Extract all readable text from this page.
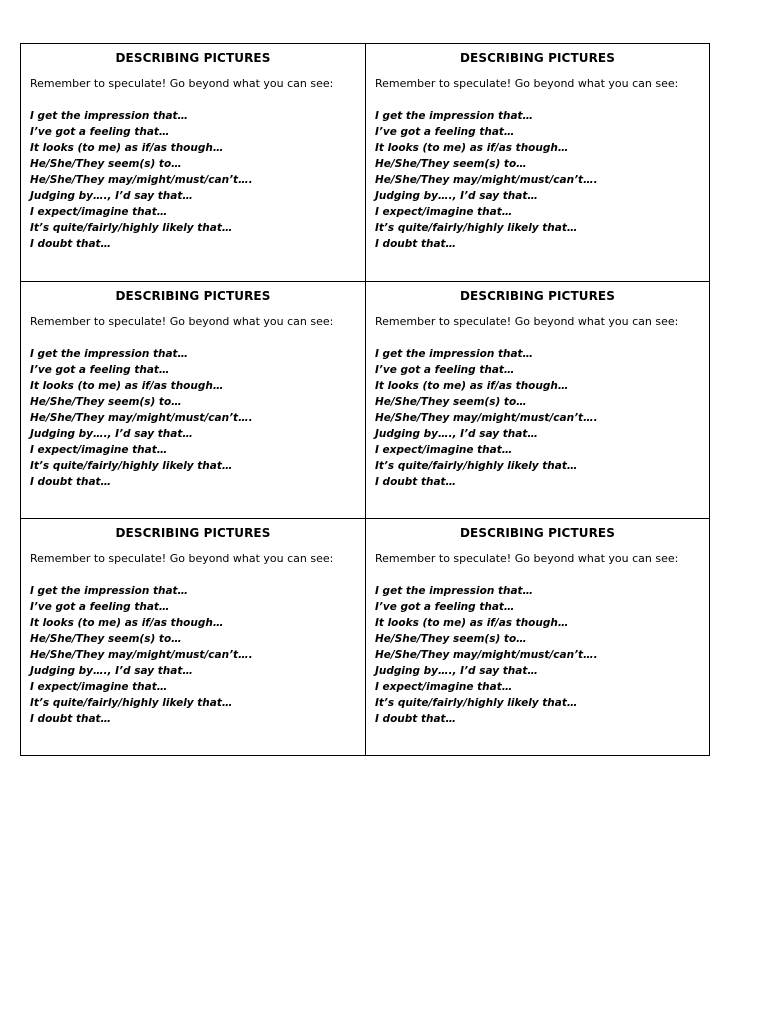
DESCRIBING PICTURES

Remember to speculate! Go beyond what you can see:

I get the impression that…
I’ve got a feeling that…
It looks (to me) as if/as though…
He/She/They seem(s) to…
He/She/They may/might/must/can’t….
Judging by…., I’d say that…
I expect/imagine that…
It’s quite/fairly/highly likely that…
I doubt that…
DESCRIBING PICTURES

Remember to speculate! Go beyond what you can see:

I get the impression that…
I’ve got a feeling that…
It looks (to me) as if/as though…
He/She/They seem(s) to…
He/She/They may/might/must/can’t….
Judging by…., I’d say that…
I expect/imagine that…
It’s quite/fairly/highly likely that…
I doubt that…
DESCRIBING PICTURES

Remember to speculate! Go beyond what you can see:

I get the impression that…
I’ve got a feeling that…
It looks (to me) as if/as though…
He/She/They seem(s) to…
He/She/They may/might/must/can’t….
Judging by…., I’d say that…
I expect/imagine that…
It’s quite/fairly/highly likely that…
I doubt that…
DESCRIBING PICTURES

Remember to speculate! Go beyond what you can see:

I get the impression that…
I’ve got a feeling that…
It looks (to me) as if/as though…
He/She/They seem(s) to…
He/She/They may/might/must/can’t….
Judging by…., I’d say that…
I expect/imagine that…
It’s quite/fairly/highly likely that…
I doubt that…
DESCRIBING PICTURES

Remember to speculate! Go beyond what you can see:

I get the impression that…
I’ve got a feeling that…
It looks (to me) as if/as though…
He/She/They seem(s) to…
He/She/They may/might/must/can’t….
Judging by…., I’d say that…
I expect/imagine that…
It’s quite/fairly/highly likely that…
I doubt that…
DESCRIBING PICTURES

Remember to speculate! Go beyond what you can see:

I get the impression that…
I’ve got a feeling that…
It looks (to me) as if/as though…
He/She/They seem(s) to…
He/She/They may/might/must/can’t….
Judging by…., I’d say that…
I expect/imagine that…
It’s quite/fairly/highly likely that…
I doubt that…
